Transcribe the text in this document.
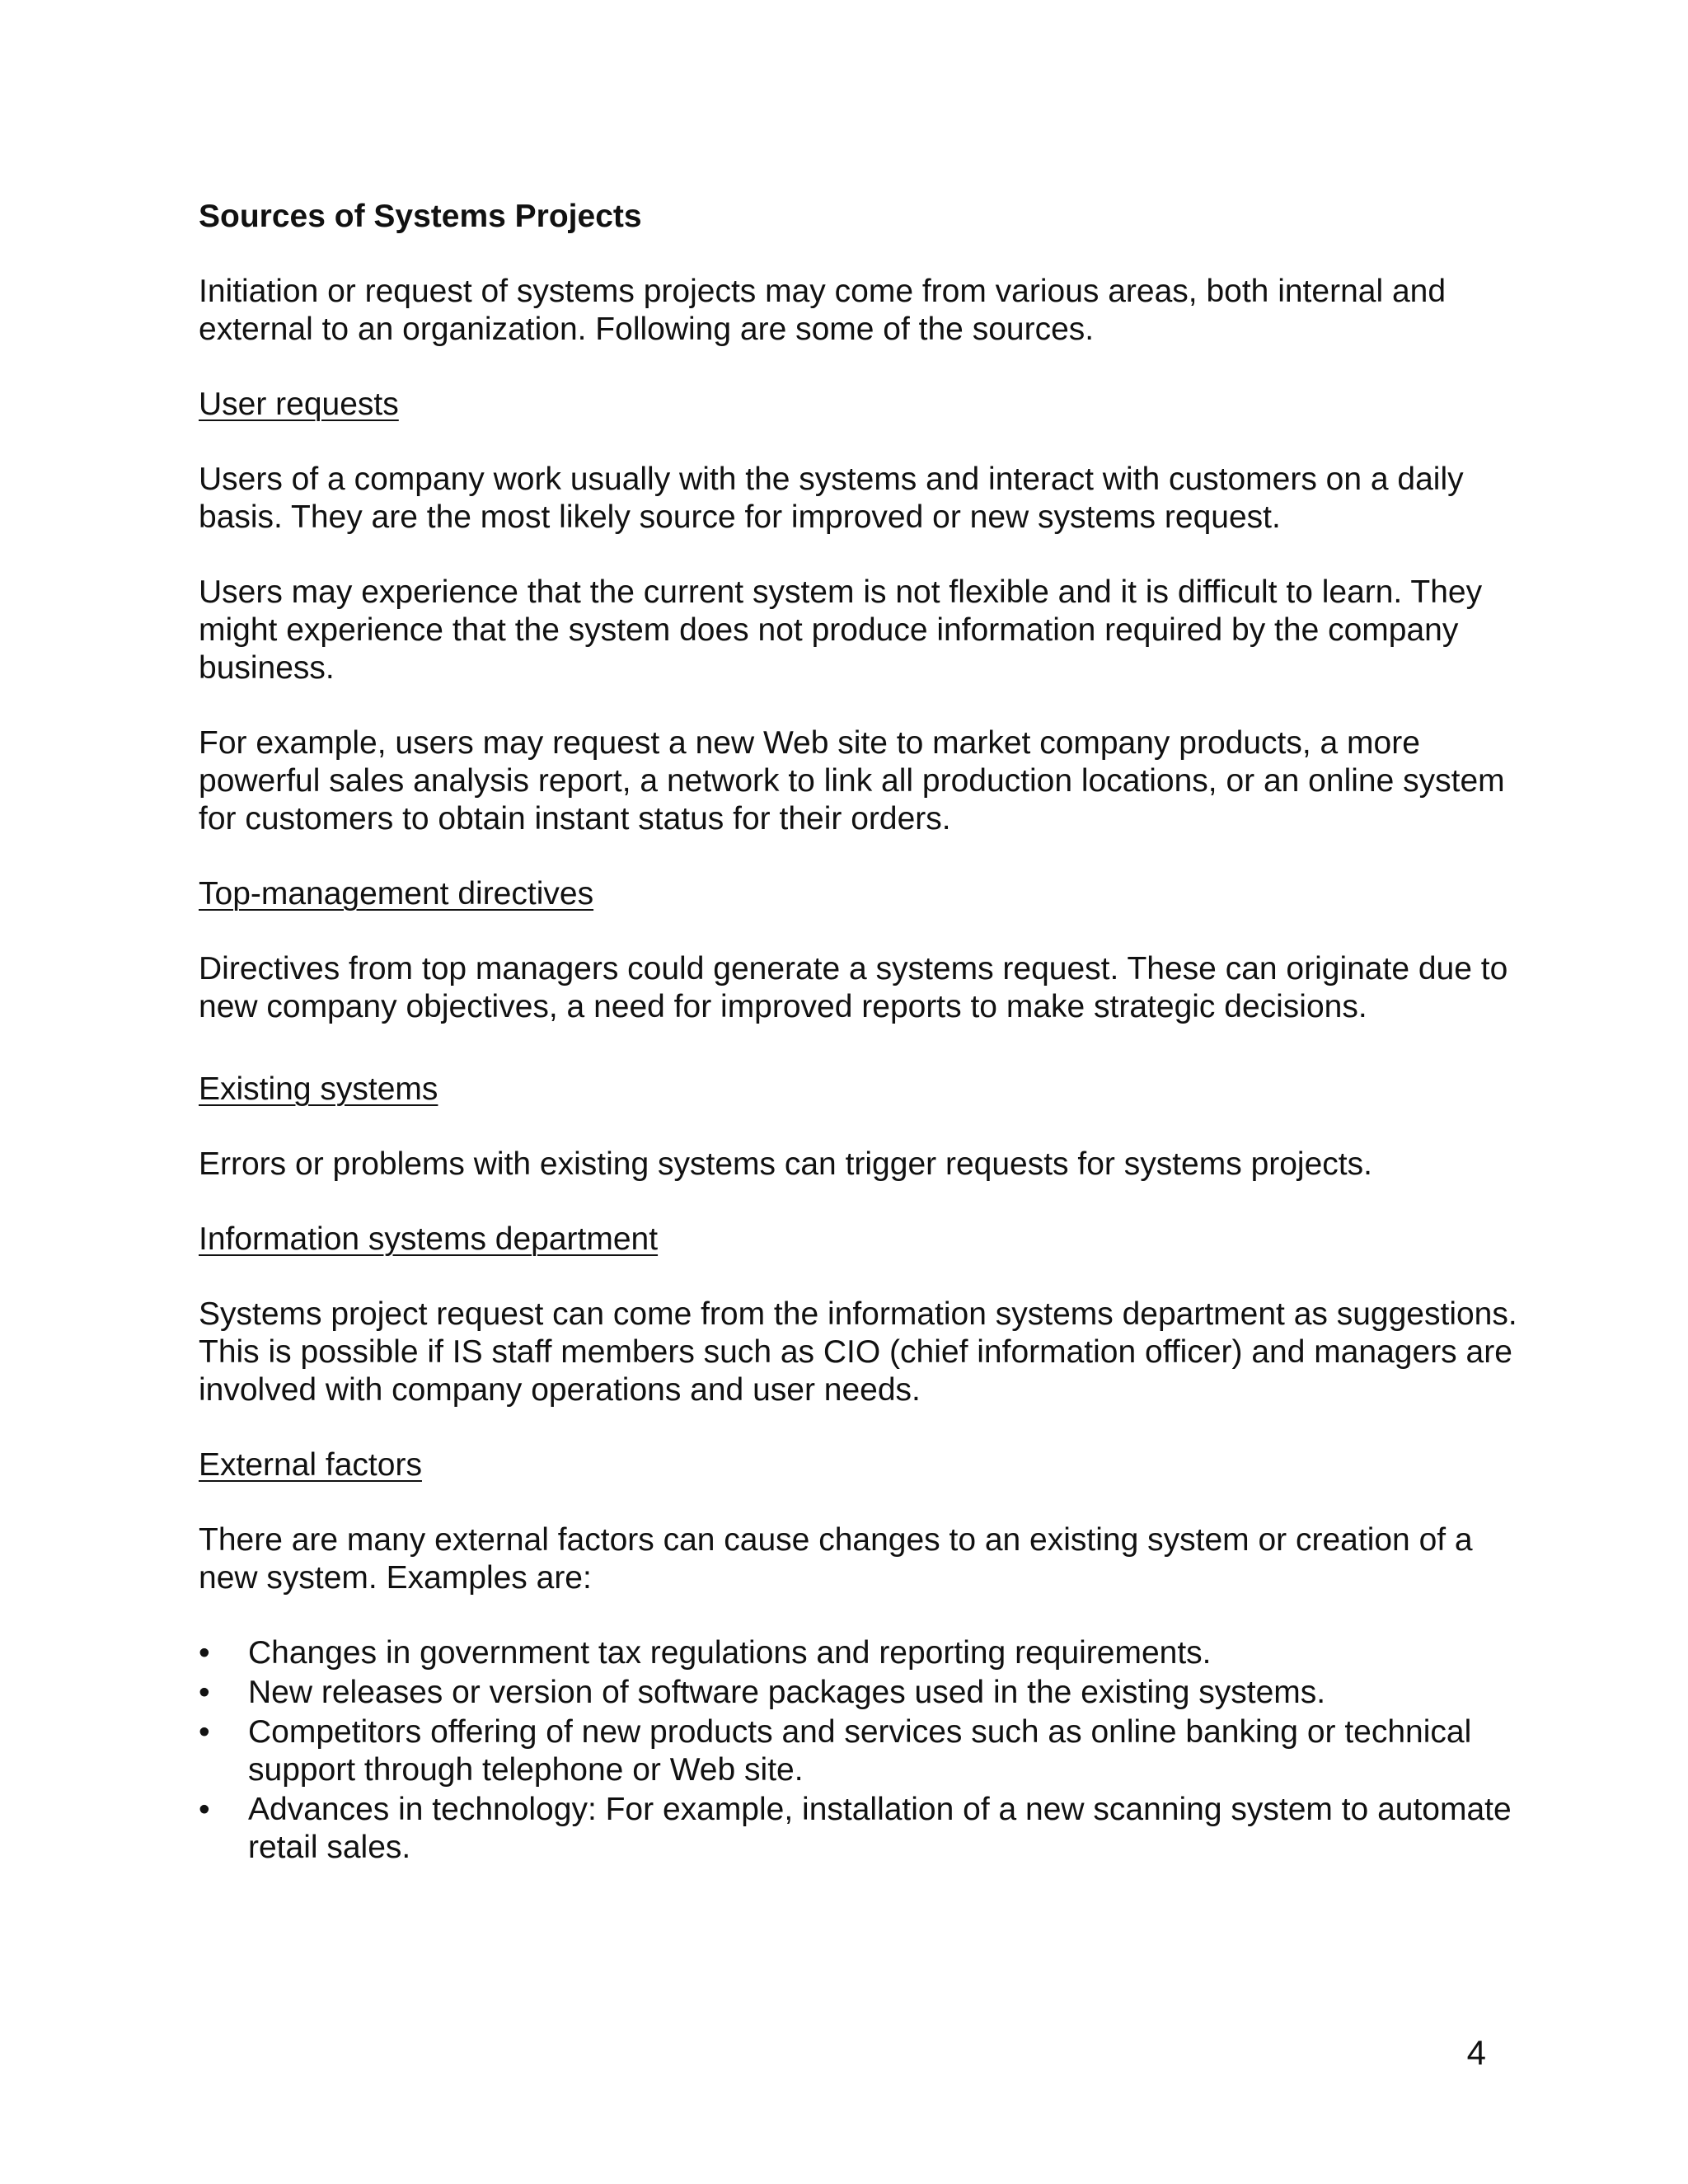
Sources of Systems Projects
Initiation or request of systems projects may come from various areas, both internal and external to an organization. Following are some of the sources.
User requests
Users of a company work usually with the systems and interact with customers on a daily basis. They are the most likely source for improved or new systems request.
Users may experience that the current system is not flexible and it is difficult to learn. They might experience that the system does not produce information required by the company business.
For example, users may request a new Web site to market company products, a more powerful sales analysis report, a network to link all production locations, or an online system for customers to obtain instant status for their orders.
Top-management directives
Directives from top managers could generate a systems request. These can originate due to new company objectives, a need for improved reports to make strategic decisions.
Existing systems
Errors or problems with existing systems can trigger requests for systems projects.
Information systems department
Systems project request can come from the information systems department as suggestions. This is possible if IS staff members such as CIO (chief information officer) and managers are involved with company operations and user needs.
External factors
There are many external factors can cause changes to an existing system or creation of a new system. Examples are:
• Changes in government tax regulations and reporting requirements.
• New releases or version of software packages used in the existing systems.
• Competitors offering of new products and services such as online banking or technical support through telephone or Web site.
• Advances in technology: For example, installation of a new scanning system to automate retail sales.
4
